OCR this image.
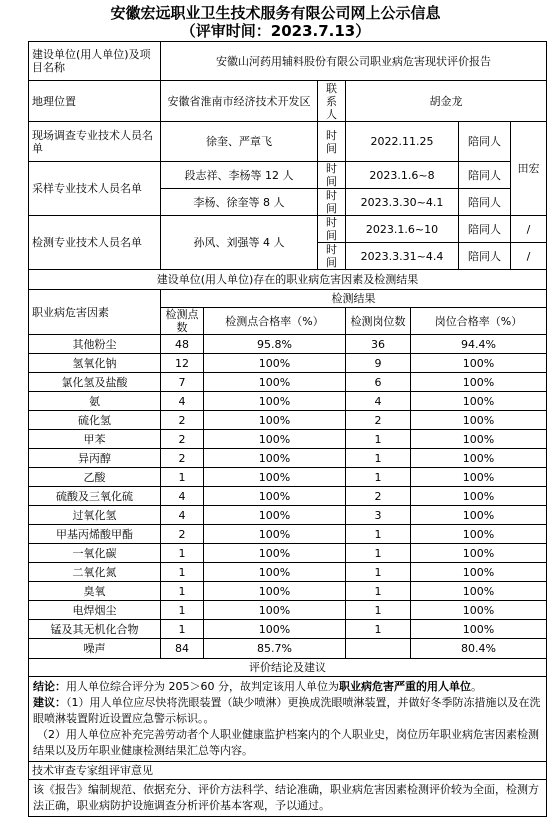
安徽宏远职业卫生技术服务有限公司网上公示信息
（评审时间：2023.7.13）
建设单位(用人单位)及项目名称	安徽山河药用辅料股份有限公司职业病危害现状评价报告						
地理位置	安徽省淮南市经济技术开发区		联系人	胡金龙			
现场调查专业技术人员名单	徐奎、严章飞		时间	2022.11.25		陪同人	田宏
采样专业技术人员名单	段志祥、李杨等 12 人		时间	2023.1.6~8		陪同人	
	李杨、徐奎等 8 人		时间	2023.3.30~4.1		陪同人	
检测专业技术人员名单	孙风、刘强等 4 人		时间	2023.1.6~10		陪同人	/
			时间	2023.3.31~4.4		陪同人	/
建设单位(用人单位)存在的职业病危害因素及检测结果							
职业病危害因素	检测结果						
	检测点数	检测点合格率（%）		检测岗位数	岗位合格率（%）		
其他粉尘	48	95.8%		36	94.4%		
氢氧化钠	12	100%		9	100%		
氯化氢及盐酸	7	100%		6	100%		
氨	4	100%		4	100%		
硫化氢	2	100%		2	100%		
甲苯	2	100%		1	100%		
异丙醇	2	100%		1	100%		
乙酸	1	100%		1	100%		
硫酸及三氧化硫	4	100%		2	100%		
过氧化氢	4	100%		3	100%		
甲基丙烯酸甲酯	2	100%		1	100%		
一氧化碳	1	100%		1	100%		
二氧化氮	1	100%		1	100%		
臭氧	1	100%		1	100%		
电焊烟尘	1	100%		1	100%		
锰及其无机化合物	1	100%		1	100%		
噪声	84	85.7%			80.4%		
评价结论及建议							

结论：用人单位综合评分为 205＞60 分，故判定该用人单位为职业病危害严重的用人单位。
建议：（1）用人单位应尽快将洗眼装置（缺少喷淋）更换成洗眼喷淋装置，并做好冬季防冻措施以及在洗眼喷淋装置附近设置应急警示标识。。
（2）用人单位应补充完善劳动者个人职业健康监护档案内的个人职业史，岗位历年职业病危害因素检测结果以及历年职业健康检测结果汇总等内容。							

技术审查专家组评审意见							
该《报告》编制规范、依据充分、评价方法科学、结论准确，职业病危害因素检测评价较为全面，检测方法正确，职业病防护设施调查分析评价基本客观，予以通过。							
